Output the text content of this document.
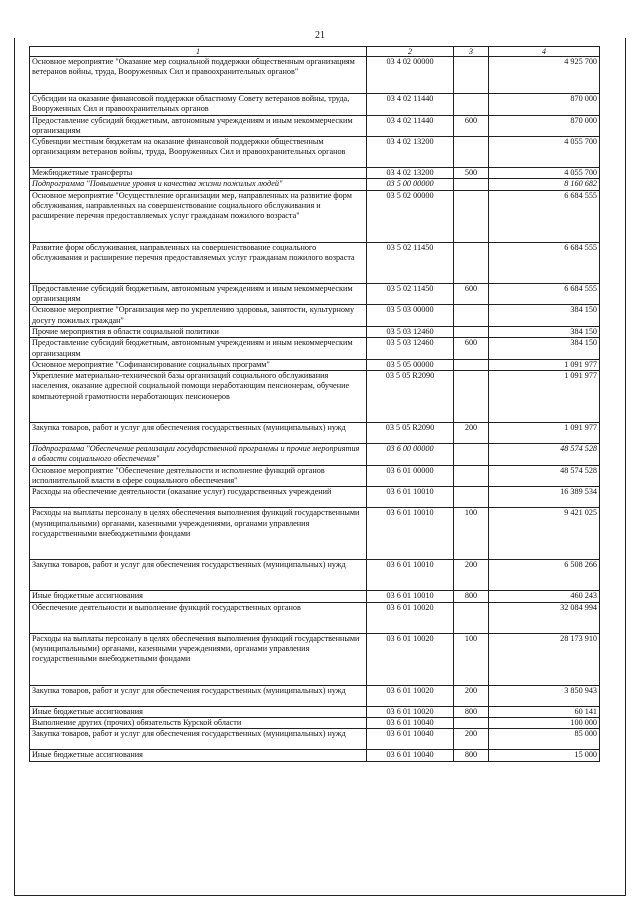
21
1	2	3	4
Основное мероприятие "Оказание мер социальной поддержки общественным организациям ветеранов войны, труда, Вооруженных Сил и правоохранительных органов"	03 4 02 00000		4 925 700
Субсидии на оказание финансовой поддержки областному Совету ветеранов войны, труда, Вооруженных Сил и правоохранительных органов	03 4 02 11440		870 000
Предоставление субсидий бюджетным, автономным учреждениям и иным некоммерческим организациям	03 4 02 11440	600	870 000
Субвенции местным бюджетам на оказание финансовой поддержки общественным организациям ветеранов войны, труда, Вооруженных Сил и правоохранительных органов	03 4 02 13200		4 055 700
Межбюджетные трансферты	03 4 02 13200	500	4 055 700
Подпрограмма "Повышение уровня и качества жизни пожилых людей"	03 5 00 00000		8 160 682
Основное мероприятие "Осуществление организации мер, направленных на развитие форм обслуживания, направленных на совершенствование социального обслуживания и расширение перечня предоставляемых услуг гражданам пожилого возраста"	03 5 02 00000		6 684 555
Развитие форм обслуживания, направленных на совершенствование социального обслуживания и расширение перечня предоставляемых услуг гражданам пожилого возраста	03 5 02 11450		6 684 555
Предоставление субсидий бюджетным, автономным учреждениям и иным некоммерческим организациям	03 5 02 11450	600	6 684 555
Основное мероприятие "Организация мер по укреплению здоровья, занятости, культурному досугу пожилых граждан"	03 5 03 00000		384 150
Прочие мероприятия в области социальной политики	03 5 03 12460		384 150
Предоставление субсидий бюджетным, автономным учреждениям и иным некоммерческим организациям	03 5 03 12460	600	384 150
Основное мероприятие "Софинансирование социальных программ"	03 5 05 00000		1 091 977
Укрепление материально-технической базы организаций социального обслуживания населения, оказание адресной социальной помощи неработающим пенсионерам, обучение компьютерной грамотности неработающих пенсионеров	03 5 05 R2090		1 091 977
Закупка товаров, работ и услуг для обеспечения государственных (муниципальных) нужд	03 5 05 R2090	200	1 091 977
Подпрограмма "Обеспечение реализации государственной программы и прочие мероприятия в области социального обеспечения"	03 6 00 00000		48 574 528
Основное мероприятие "Обеспечение деятельности и исполнение функций органов исполнительной власти в сфере социального обеспечения"	03 6 01 00000		48 574 528
Расходы на обеспечение деятельности (оказание услуг) государственных учреждений	03 6 01 10010		16 389 534
Расходы на выплаты персоналу в целях обеспечения выполнения функций государственными (муниципальными) органами, казенными учреждениями, органами управления государственными внебюджетными фондами	03 6 01 10010	100	9 421 025
Закупка товаров, работ и услуг для обеспечения государственных (муниципальных) нужд	03 6 01 10010	200	6 508 266
Иные бюджетные ассигнования	03 6 01 10010	800	460 243
Обеспечение деятельности и выполнение функций государственных органов	03 6 01 10020		32 084 994
Расходы на выплаты персоналу в целях обеспечения выполнения функций государственными (муниципальными) органами, казенными учреждениями, органами управления государственными внебюджетными фондами	03 6 01 10020	100	28 173 910
Закупка товаров, работ и услуг для обеспечения государственных (муниципальных) нужд	03 6 01 10020	200	3 850 943
Иные бюджетные ассигнования	03 6 01 10020	800	60 141
Выполнение других (прочих) обязательств Курской области	03 6 01 10040		100 000
Закупка товаров, работ и услуг для обеспечения государственных (муниципальных) нужд	03 6 01 10040	200	85 000
Иные бюджетные ассигнования	03 6 01 10040	800	15 000
